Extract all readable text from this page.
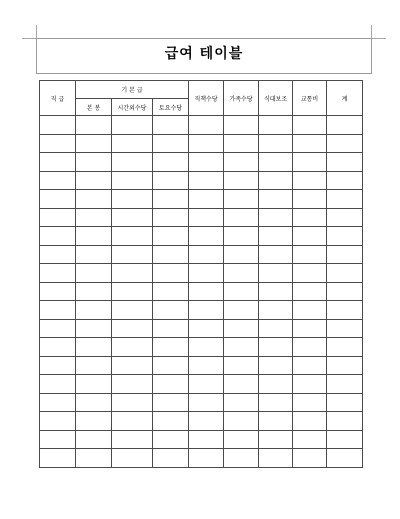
급여 테이블
직 급	기 본 급			직책수당	가족수당	식대보조	교통비	계
	본 봉	시간외수당	토요수당					
